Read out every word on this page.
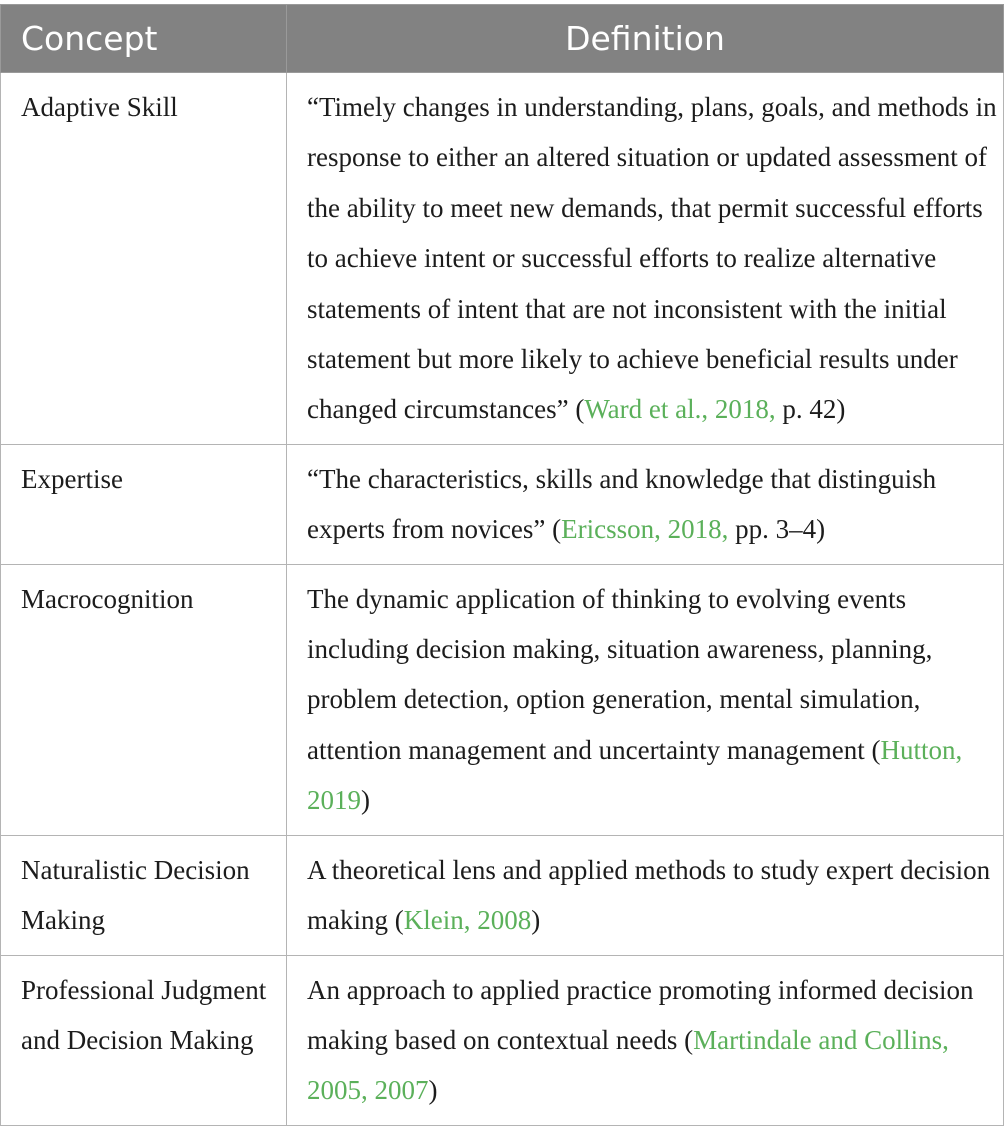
Concept	Definition
Adaptive Skill	“Timely changes in understanding, plans, goals, and methods in response to either an altered situation or updated assessment of the ability to meet new demands, that permit successful efforts to achieve intent or successful efforts to realize alternative statements of intent that are not inconsistent with the initial statement but more likely to achieve beneficial results under changed circumstances” (Ward et al., 2018, p. 42)
Expertise	“The characteristics, skills and knowledge that distinguish experts from novices” (Ericsson, 2018, pp. 3–4)
Macrocognition	The dynamic application of thinking to evolving events including decision making, situation awareness, planning, problem detection, option generation, mental simulation, attention management and uncertainty management (Hutton, 2019)
Naturalistic Decision Making	A theoretical lens and applied methods to study expert decision making (Klein, 2008)
Professional Judgment and Decision Making	An approach to applied practice promoting informed decision making based on contextual needs (Martindale and Collins, 2005, 2007)
